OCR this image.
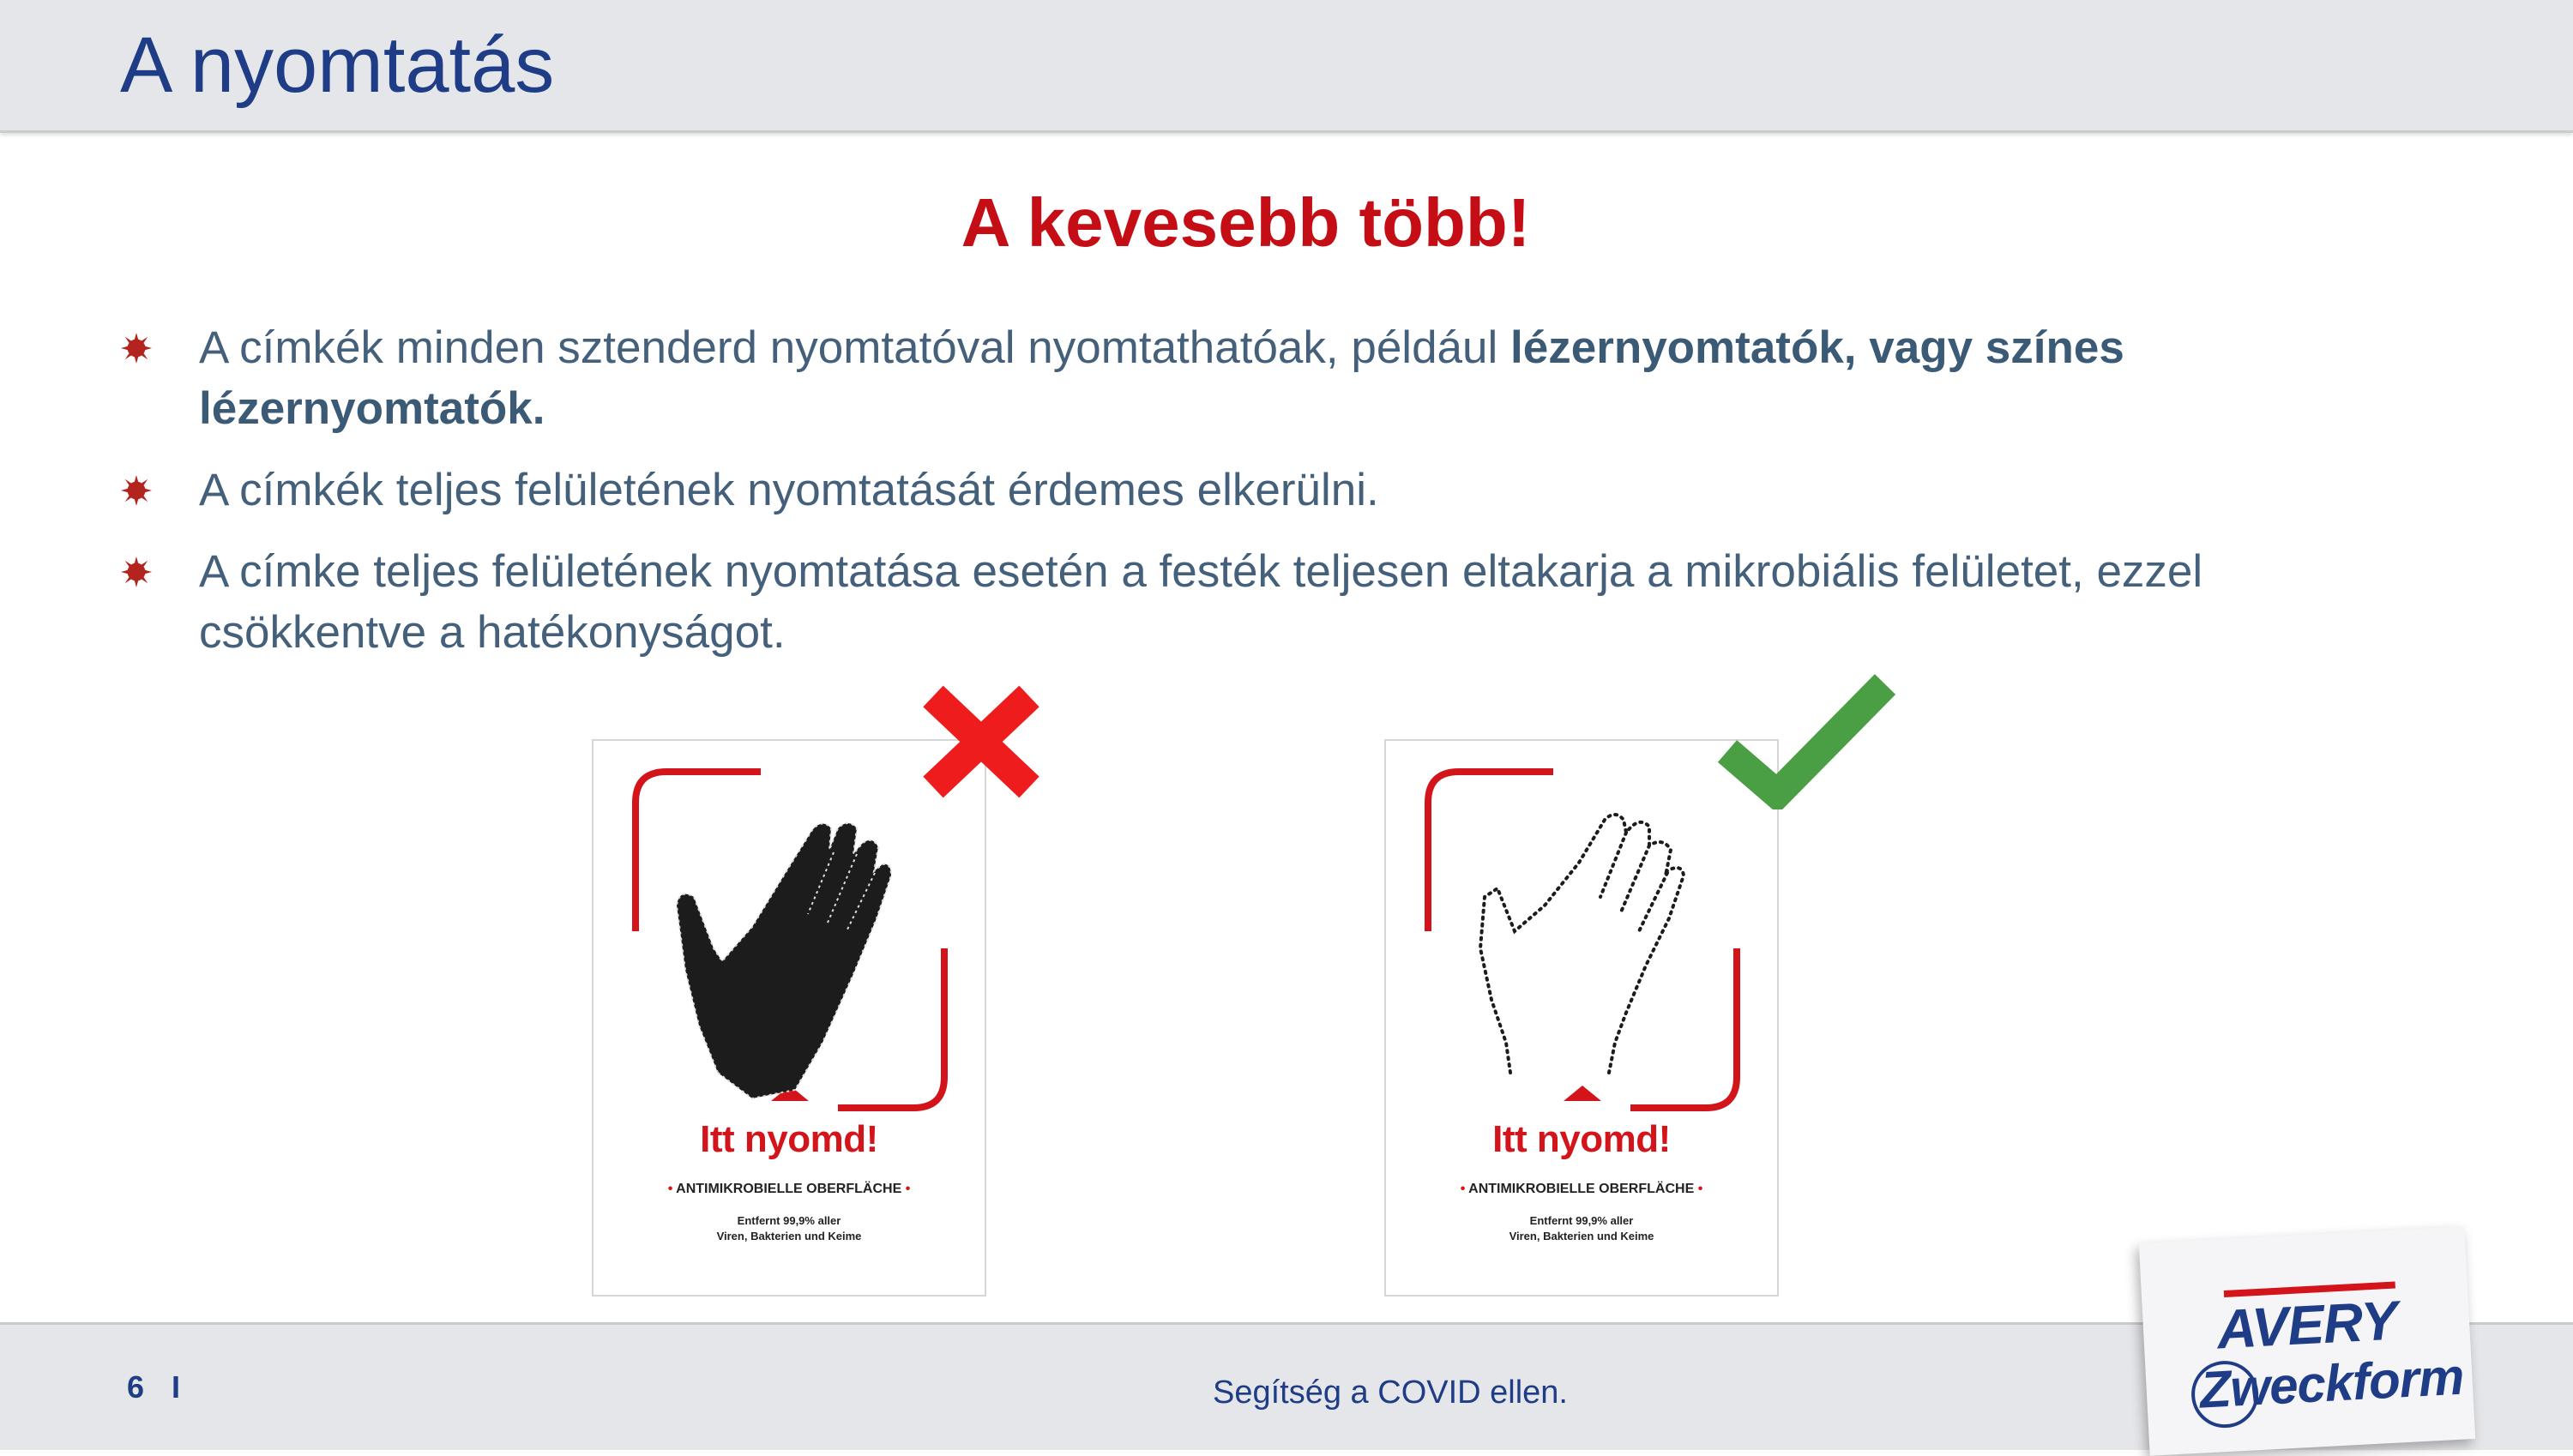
A nyomtatás
A kevesebb több!
A címkék minden sztenderd nyomtatóval nyomtathatóak, például lézernyomtatók, vagy színes lézernyomtatók.
A címkék teljes felületének nyomtatását érdemes elkerülni.
A címke teljes felületének nyomtatása esetén a festék teljesen eltakarja a mikrobiális felületet, ezzel csökkentve a hatékonyságot.
Itt nyomd!
• ANTIMIKROBIELLE OBERFLÄCHE •
Entfernt 99,9% aller
Viren, Bakterien und Keime
Itt nyomd!
• ANTIMIKROBIELLE OBERFLÄCHE •
Entfernt 99,9% aller
Viren, Bakterien und Keime
6 I	Segítség a COVID ellen.
AVERY
Zweckform
